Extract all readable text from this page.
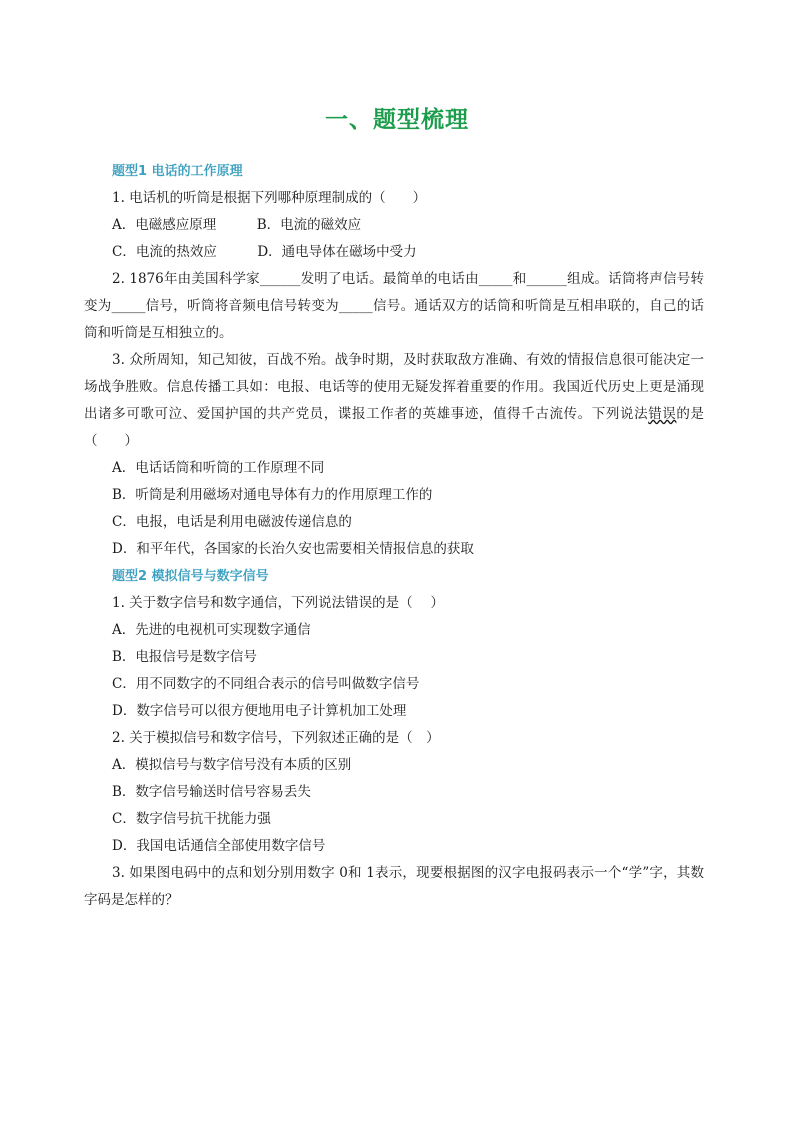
一、题型梳理
题型1 电话的工作原理

1. 电话机的听筒是根据下列哪种原理制成的（　　）

A．电磁感应原理　　　B．电流的磁效应

C．电流的热效应　　　D．通电导体在磁场中受力

2. 1876年由美国科学家______发明了电话。最简单的电话由_____和______组成。话筒将声信号转变为_____信号，听筒将音频电信号转变为_____信号。通话双方的话筒和听筒是互相串联的，自己的话筒和听筒是互相独立的。

3. 众所周知，知己知彼，百战不殆。战争时期，及时获取敌方准确、有效的情报信息很可能决定一场战争胜败。信息传播工具如：电报、电话等的使用无疑发挥着重要的作用。我国近代历史上更是涌现出诸多可歌可泣、爱国护国的共产党员，谍报工作者的英雄事迹，值得千古流传。下列说法错误的是（　　）

A．电话话筒和听筒的工作原理不同

B．听筒是利用磁场对通电导体有力的作用原理工作的

C．电报，电话是利用电磁波传递信息的

D．和平年代，各国家的长治久安也需要相关情报信息的获取

题型2 模拟信号与数字信号

1. 关于数字信号和数字通信，下列说法错误的是（　 ）

A．先进的电视机可实现数字通信

B．电报信号是数字信号

C．用不同数字的不同组合表示的信号叫做数字信号

D．数字信号可以很方便地用电子计算机加工处理

2. 关于模拟信号和数字信号，下列叙述正确的是（　）

A．模拟信号与数字信号没有本质的区别

B．数字信号输送时信号容易丢失

C．数字信号抗干扰能力强

D．我国电话通信全部使用数字信号

3. 如果图电码中的点和划分别用数字 0和 1表示，现要根据图的汉字电报码表示一个“学”字，其数字码是怎样的？
